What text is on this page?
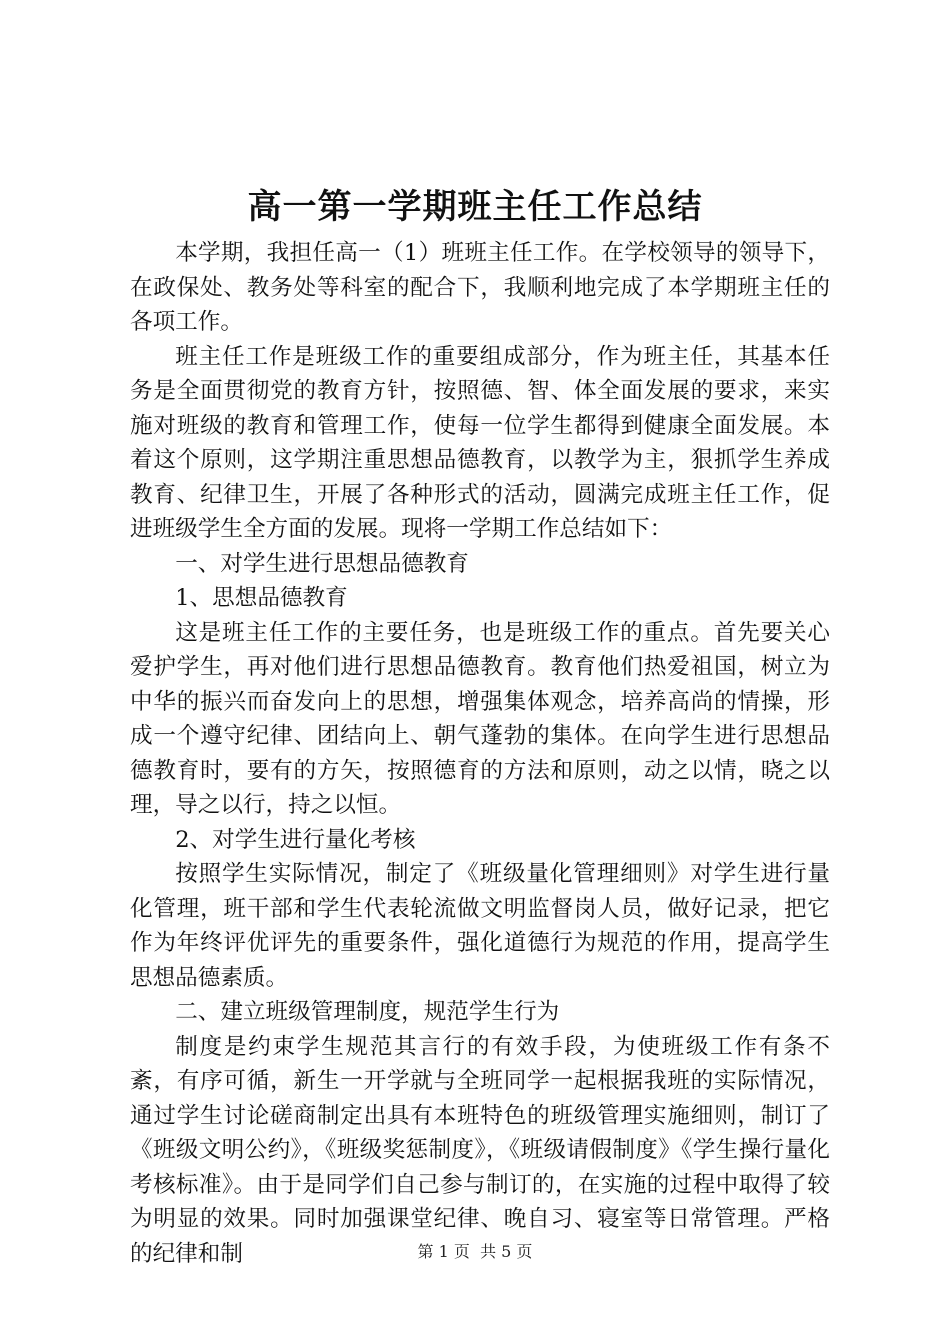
高一第一学期班主任工作总结

本学期，我担任高一（1）班班主任工作。在学校领导的领导下，在政保处、教务处等科室的配合下，我顺利地完成了本学期班主任的各项工作。

班主任工作是班级工作的重要组成部分，作为班主任，其基本任务是全面贯彻党的教育方针，按照德、智、体全面发展的要求，来实施对班级的教育和管理工作，使每一位学生都得到健康全面发展。本着这个原则，这学期注重思想品德教育，以教学为主，狠抓学生养成教育、纪律卫生，开展了各种形式的活动，圆满完成班主任工作，促进班级学生全方面的发展。现将一学期工作总结如下：

一、对学生进行思想品德教育

1、思想品德教育

这是班主任工作的主要任务，也是班级工作的重点。首先要关心爱护学生，再对他们进行思想品德教育。教育他们热爱祖国，树立为中华的振兴而奋发向上的思想，增强集体观念，培养高尚的情操，形成一个遵守纪律、团结向上、朝气蓬勃的集体。在向学生进行思想品德教育时，要有的方矢，按照德育的方法和原则，动之以情，晓之以理，导之以行，持之以恒。

2、对学生进行量化考核

按照学生实际情况，制定了《班级量化管理细则》对学生进行量化管理，班干部和学生代表轮流做文明监督岗人员，做好记录，把它作为年终评优评先的重要条件，强化道德行为规范的作用，提高学生思想品德素质。

二、建立班级管理制度，规范学生行为

制度是约束学生规范其言行的有效手段，为使班级工作有条不紊，有序可循，新生一开学就与全班同学一起根据我班的实际情况，通过学生讨论磋商制定出具有本班特色的班级管理实施细则，制订了《班级文明公约》，《班级奖惩制度》，《班级请假制度》《学生操行量化考核标准》。由于是同学们自己参与制订的，在实施的过程中取得了较为明显的效果。同时加强课堂纪律、晚自习、寝室等日常管理。严格的纪律和制	第 1 页  共 5 页
